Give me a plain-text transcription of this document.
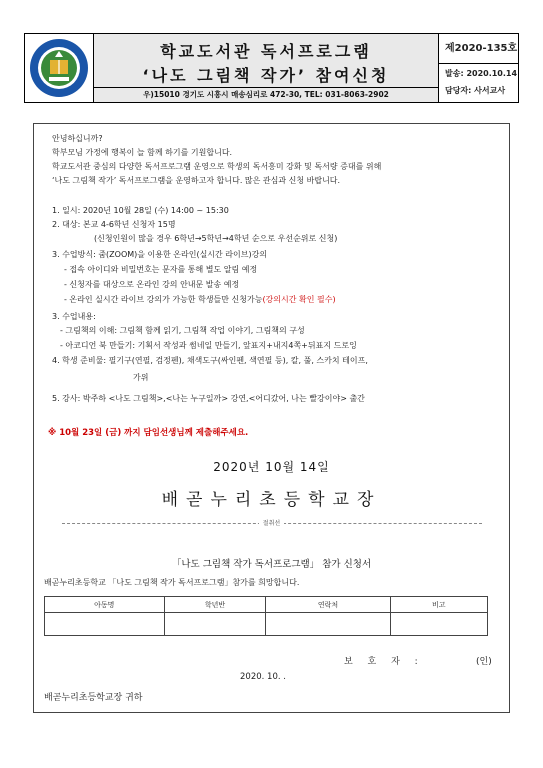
학교도서관 독서프로그램
‘나도 그림책 작가’ 참여신청
우)15010 경기도 시흥시 매송심리로 472-30, TEL: 031-8063-2902
제2020-135호
발송: 2020.10.14
담당자: 사서교사
안녕하십니까?
학부모님 가정에 행복이 늘 함께 하기를 기원합니다.
학교도서관 중심의 다양한 독서프로그램 운영으로 학생의 독서흥미 강화 및 독서량 증대를 위해
‘나도 그림책 작가’ 독서프로그램을 운영하고자 합니다. 많은 관심과 신청 바랍니다.
1. 일시: 2020년 10월 28일 (수) 14:00 ~ 15:30
2. 대상: 본교 4-6학년 신청자 15명
(신청인원이 많을 경우 6학년→5학년→4학년 순으로 우선순위로 신청)
3. 수업방식: 줌(ZOOM)을 이용한 온라인(실시간 라이브)강의
- 접속 아이디와 비밀번호는 문자를 통해 별도 알림 예정
- 신청자를 대상으로 온라인 강의 안내문 발송 예정
- 온라인 실시간 라이브 강의가 가능한 학생들만 신청가능(강의시간 확인 필수)
3. 수업내용:
- 그림책의 이해: 그림책 함께 읽기, 그림책 작업 이야기, 그림책의 구성
- 아코디언 북 만들기: 기획서 작성과 썸네일 만들기, 앞표지+내지4쪽+뒤표지 드로잉
4. 학생 준비물: 필기구(연필, 검정펜), 채색도구(싸인펜, 색연필 등), 칼, 풀, 스카치 테이프,
가위
5. 강사: 박주하 <나도 그림책>,<나는 누구일까> 강연,<어디갔어, 나는 빨강이야> 출간
※ 10월 23일 (금) 까지 담임선생님께 제출해주세요.
2020년 10월 14일
배곧누리초등학교장
절취선
「나도 그림책 작가 독서프로그램」 참가 신청서
배곧누리초등학교 「나도 그림책 작가 독서프로그램」참가를 희망합니다.
아동명	학년반	연락처	비고

보 호 자 :	(인)
2020. 10. .
배곧누리초등학교장 귀하
